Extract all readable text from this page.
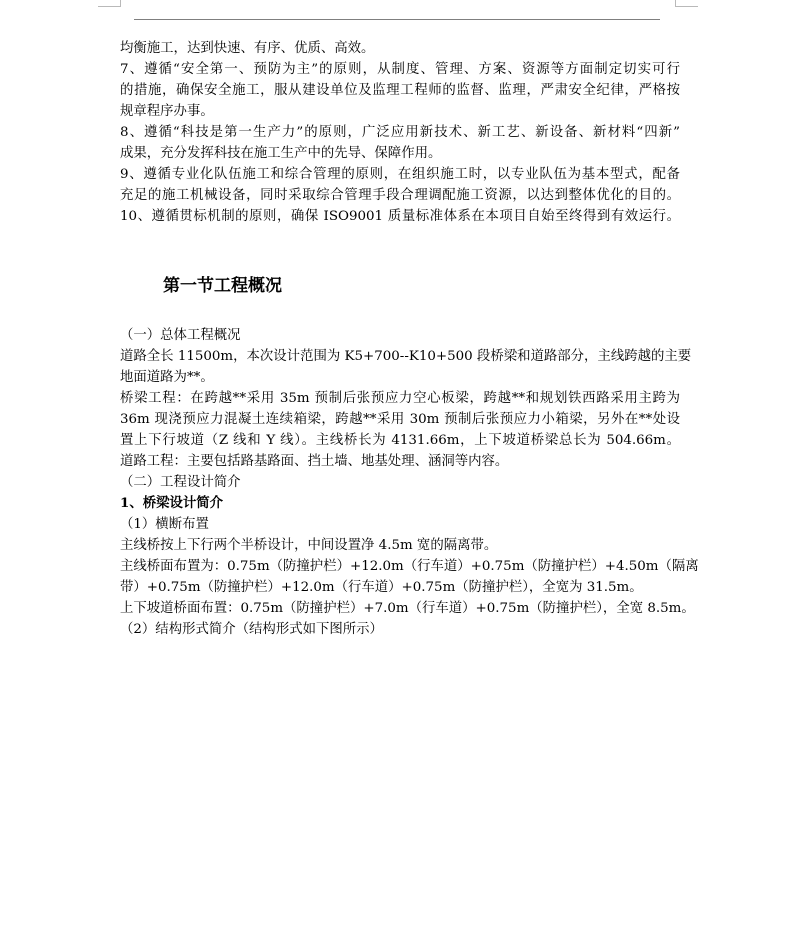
均衡施工，达到快速、有序、优质、高效。
7、遵循“安全第一、预防为主”的原则，从制度、管理、方案、资源等方面制定切实可行
的措施，确保安全施工，服从建设单位及监理工程师的监督、监理，严肃安全纪律，严格按
规章程序办事。
8、遵循“科技是第一生产力”的原则，广泛应用新技术、新工艺、新设备、新材料“四新”
成果，充分发挥科技在施工生产中的先导、保障作用。
9、遵循专业化队伍施工和综合管理的原则，在组织施工时，以专业队伍为基本型式，配备
充足的施工机械设备，同时采取综合管理手段合理调配施工资源，以达到整体优化的目的。
10、遵循贯标机制的原则，确保 ISO9001 质量标准体系在本项目自始至终得到有效运行。
第一节工程概况
（一）总体工程概况
道路全长 11500m，本次设计范围为 K5+700--K10+500 段桥梁和道路部分，主线跨越的主要
地面道路为**。
桥梁工程：在跨越**采用 35m 预制后张预应力空心板梁，跨越**和规划铁西路采用主跨为
36m 现浇预应力混凝土连续箱梁，跨越**采用 30m 预制后张预应力小箱梁，另外在**处设
置上下行坡道（Z 线和 Y 线）。主线桥长为 4131.66m，上下坡道桥梁总长为 504.66m。
道路工程：主要包括路基路面、挡土墙、地基处理、涵洞等内容。
（二）工程设计简介
1、桥梁设计简介
（1）横断布置
主线桥按上下行两个半桥设计，中间设置净 4.5m 宽的隔离带。
主线桥面布置为：0.75m（防撞护栏）+12.0m（行车道）+0.75m（防撞护栏）+4.50m（隔离
带）+0.75m（防撞护栏）+12.0m（行车道）+0.75m（防撞护栏），全宽为 31.5m。
上下坡道桥面布置：0.75m（防撞护栏）+7.0m（行车道）+0.75m（防撞护栏），全宽 8.5m。
（2）结构形式简介（结构形式如下图所示）
